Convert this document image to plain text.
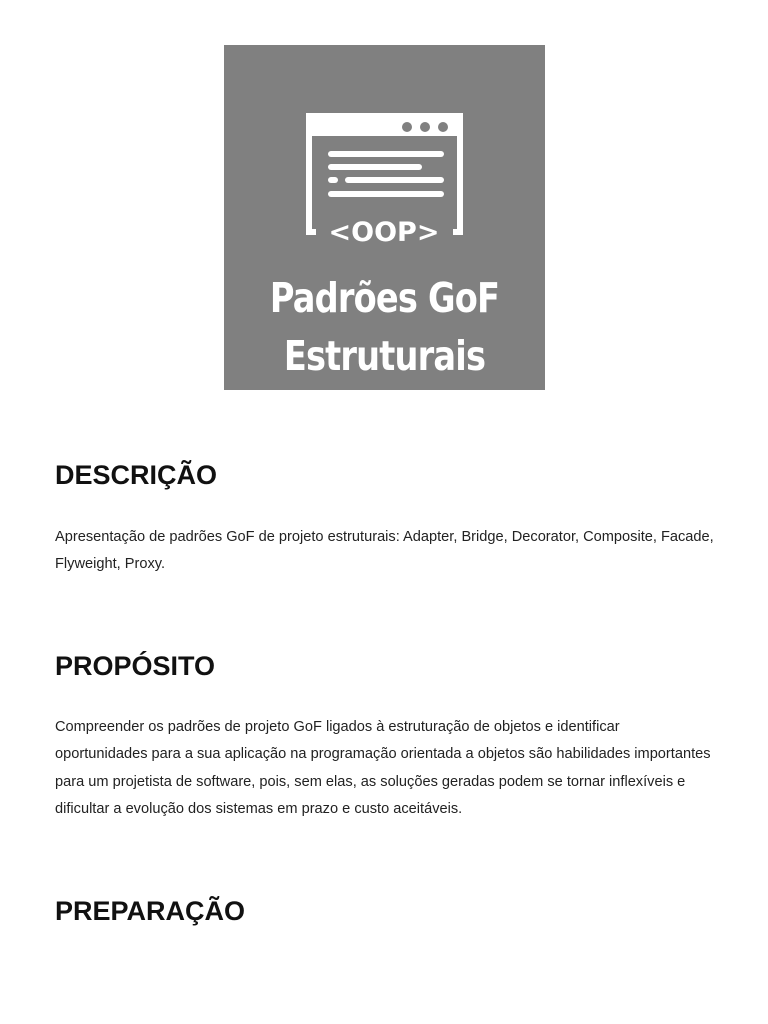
<OOP>
Padrões GoF
Estruturais
DESCRIÇÃO

Apresentação de padrões GoF de projeto estruturais: Adapter, Bridge, Decorator, Composite, Facade, Flyweight, Proxy.

PROPÓSITO

Compreender os padrões de projeto GoF ligados à estruturação de objetos e identificar oportunidades para a sua aplicação na programação orientada a objetos são habilidades importantes para um projetista de software, pois, sem elas, as soluções geradas podem se tornar inflexíveis e dificultar a evolução dos sistemas em prazo e custo aceitáveis.

PREPARAÇÃO
